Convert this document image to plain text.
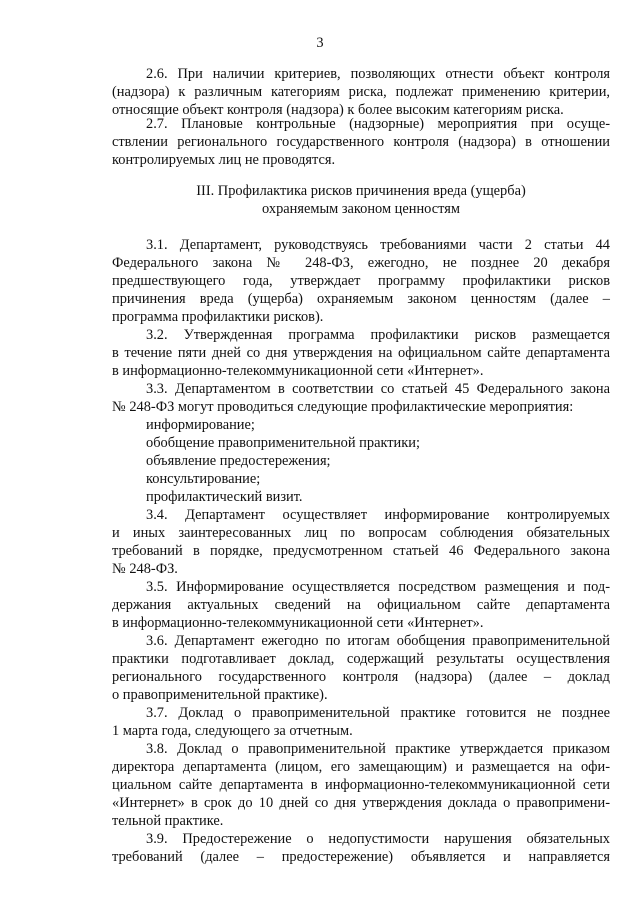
3
2.6. При наличии критериев, позволяющих отнести объект контроля
(надзора) к различным категориям риска, подлежат применению критерии,
относящие объект контроля (надзора) к более высоким категориям риска.
2.7. Плановые контрольные (надзорные) мероприятия при осуще-
ствлении регионального государственного контроля (надзора) в отношении
контролируемых лиц не проводятся.
III. Профилактика рисков причинения вреда (ущерба)
охраняемым законом ценностям
3.1. Департамент, руководствуясь требованиями части 2 статьи 44
Федерального закона № 248-ФЗ, ежегодно, не позднее 20 декабря
предшествующего года, утверждает программу профилактики рисков
причинения вреда (ущерба) охраняемым законом ценностям (далее –
программа профилактики рисков).
3.2. Утвержденная программа профилактики рисков размещается
в течение пяти дней со дня утверждения на официальном сайте департамента
в информационно-телекоммуникационной сети «Интернет».
3.3. Департаментом в соответствии со статьей 45 Федерального закона
№ 248-ФЗ могут проводиться следующие профилактические мероприятия:
информирование;
обобщение правоприменительной практики;
объявление предостережения;
консультирование;
профилактический визит.
3.4. Департамент осуществляет информирование контролируемых
и иных заинтересованных лиц по вопросам соблюдения обязательных
требований в порядке, предусмотренном статьей 46 Федерального закона
№ 248-ФЗ.
3.5. Информирование осуществляется посредством размещения и под-
держания актуальных сведений на официальном сайте департамента
в информационно-телекоммуникационной сети «Интернет».
3.6. Департамент ежегодно по итогам обобщения правоприменительной
практики подготавливает доклад, содержащий результаты осуществления
регионального государственного контроля (надзора) (далее – доклад
о правоприменительной практике).
3.7. Доклад о правоприменительной практике готовится не позднее
1 марта года, следующего за отчетным.
3.8. Доклад о правоприменительной практике утверждается приказом
директора департамента (лицом, его замещающим) и размещается на офи-
циальном сайте департамента в информационно-телекоммуникационной сети
«Интернет» в срок до 10 дней со дня утверждения доклада о правопримени-
тельной практике.
3.9. Предостережение о недопустимости нарушения обязательных
требований (далее – предостережение) объявляется и направляется
